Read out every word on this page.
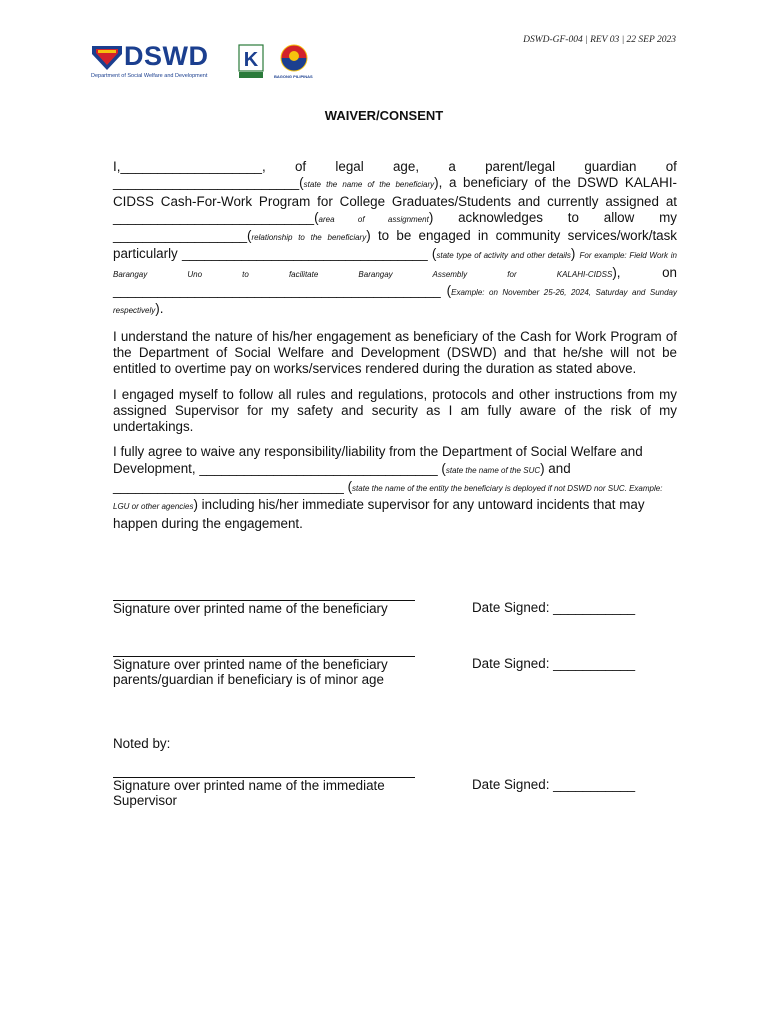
DSWD-GF-004 | REV 03 | 22 SEP 2023
DSWD
Department of Social Welfare and Development
K
BAGONG PILIPINAS
WAIVER/CONSENT
I,___________________, of legal age, a parent/legal guardian of

_________________________(state the name of the beneficiary), a beneficiary of the DSWD KALAHI-CIDSS Cash-For-Work Program for College Graduates/Students and currently assigned at ___________________________(area of assignment) acknowledges to allow my __________________(relationship to the beneficiary) to be engaged in community services/work/task particularly _________________________________ (state type of activity and other details) For example: Field Work in Barangay Uno to facilitate Barangay Assembly for KALAHI-CIDSS), on ____________________________________________ (Example: on November 25-26, 2024, Saturday and Sunday respectively).

I understand the nature of his/her engagement as beneficiary of the Cash for Work Program of the Department of Social Welfare and Development (DSWD) and that he/she will not be entitled to overtime pay on works/services rendered during the duration as stated above.

I engaged myself to follow all rules and regulations, protocols and other instructions from my assigned Supervisor for my safety and security as I am fully aware of the risk of my undertakings.

I fully agree to waive any responsibility/liability from the Department of Social Welfare and Development, ________________________________ (state the name of the SUC) and _______________________________ (state the name of the entity the beneficiary is deployed if not DSWD nor SUC. Example: LGU or other agencies) including his/her immediate supervisor for any untoward incidents that may happen during the engagement.

Signature over printed name of the beneficiary	Date Signed: ___________
Signature over printed name of the beneficiary parents/guardian if beneficiary is of minor age
Date Signed: ___________
Noted by:
Signature over printed name of the immediate Supervisor
Date Signed: ___________
